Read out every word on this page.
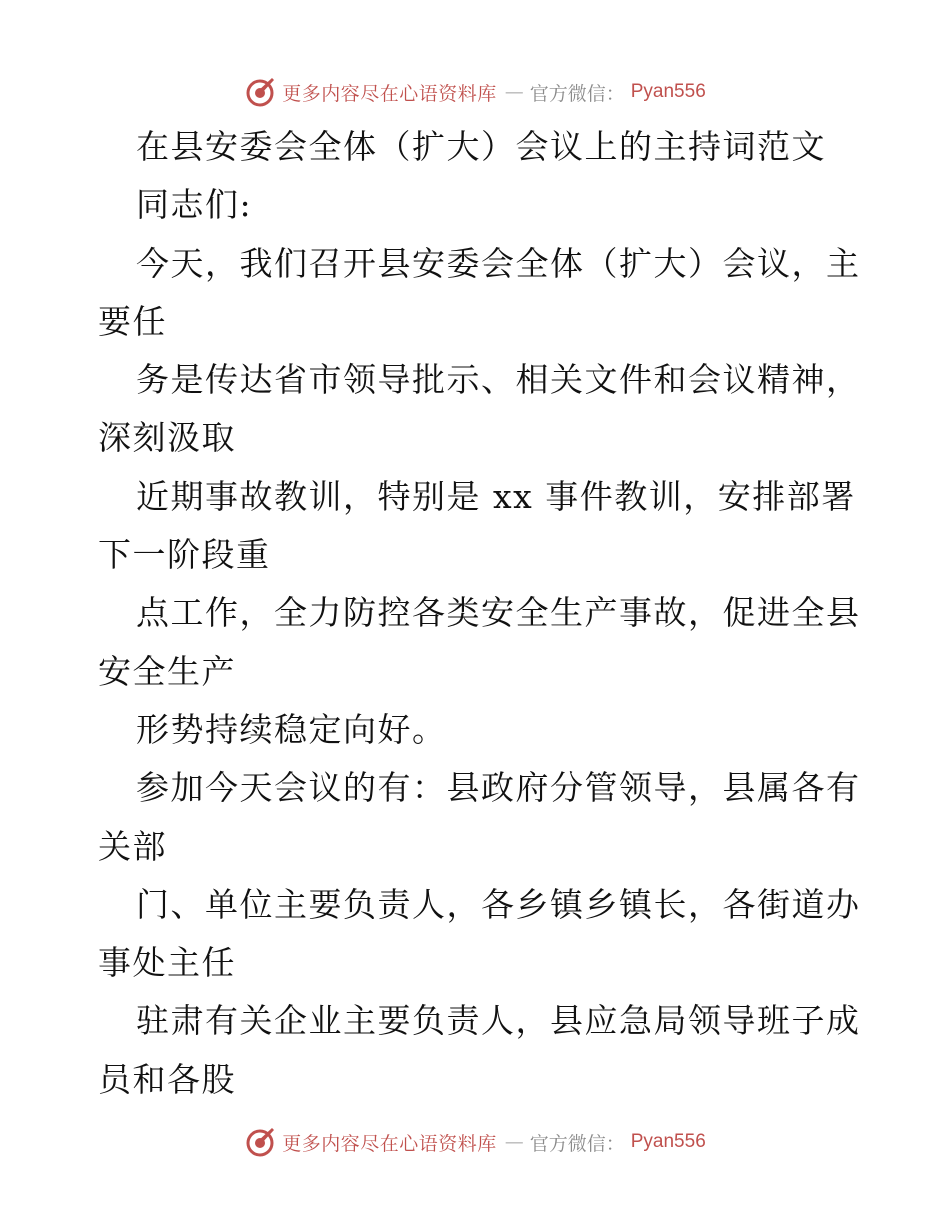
更多内容尽在心语资料库 — 官方微信： Pyan556
在县安委会全体（扩大）会议上的主持词范文
同志们:
今天，我们召开县安委会全体（扩大）会议，主
要任
务是传达省市领导批示、相关文件和会议精神，
深刻汲取
近期事故教训，特别是 xx 事件教训，安排部署
下一阶段重
点工作，全力防控各类安全生产事故，促进全县
安全生产
形势持续稳定向好。
参加今天会议的有：县政府分管领导，县属各有
关部
门、单位主要负责人，各乡镇乡镇长，各街道办
事处主任
驻肃有关企业主要负责人，县应急局领导班子成
员和各股
更多内容尽在心语资料库 — 官方微信： Pyan556
